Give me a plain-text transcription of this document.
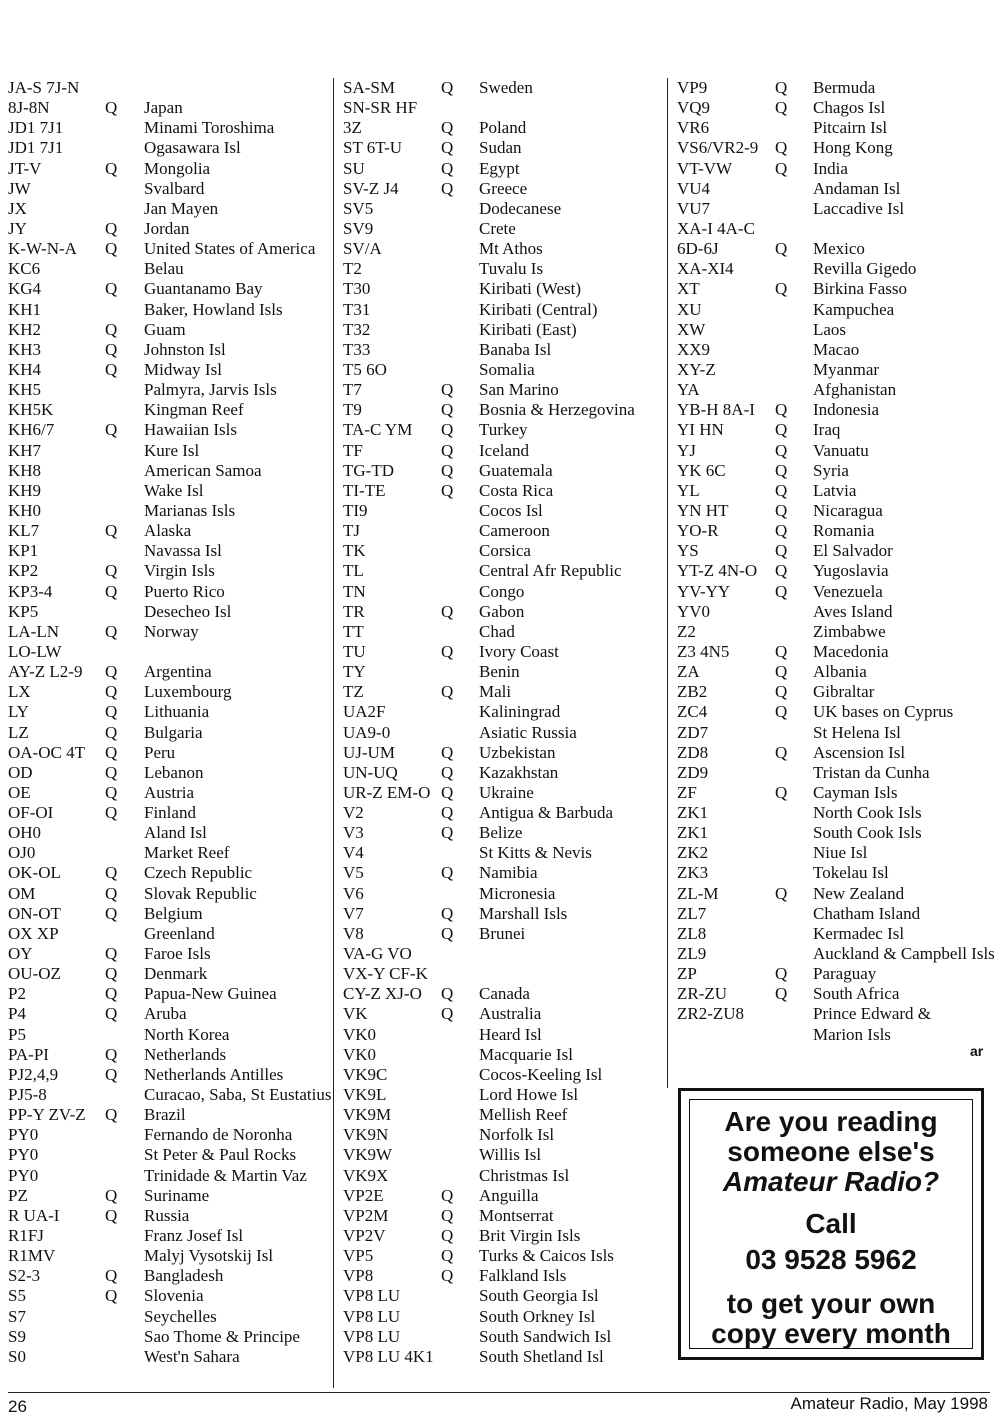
JA-S 7J-N
8J-8N	Q Japan
JD1 7J1	Minami Toroshima
JD1 7J1	Ogasawara Isl
JT-V	Q Mongolia
JW	Svalbard
JX	Jan Mayen
JY	Q Jordan
K-W-N-A Q United States of America
KC6	Belau
KG4	Q Guantanamo Bay
KH1	Baker, Howland Isls
KH2	Q Guam
KH3	Q Johnston Isl
KH4	Q Midway Isl
KH5	Palmyra, Jarvis Isls
KH5K	Kingman Reef
KH6/7	Q Hawaiian Isls
KH7	Kure Isl
KH8	American Samoa
KH9	Wake Isl
KH0	Marianas Isls
KL7	Q Alaska
KP1	Navassa Isl
KP2	Q Virgin Isls
KP3-4	Q Puerto Rico
KP5	Desecheo Isl
LA-LN	Q Norway
LO-LW
AY-Z L2-9 Q Argentina
LX	Q Luxembourg
LY	Q Lithuania
LZ	Q Bulgaria
OA-OC 4T Q Peru
OD	Q Lebanon
OE	Q Austria
OF-OI	Q Finland
OH0	Aland Isl
OJ0	Market Reef
OK-OL	Q Czech Republic
OM	Q Slovak Republic
ON-OT	Q Belgium
OX XP	Greenland
OY	Q Faroe Isls
OU-OZ	Q Denmark
P2	Q Papua-New Guinea
P4	Q Aruba
P5	North Korea
PA-PI	Q Netherlands
PJ2,4,9	Q Netherlands Antilles
PJ5-8	Curacao, Saba, St Eustatius
PP-Y ZV-Z Q Brazil
PY0	Fernando de Noronha
PY0	St Peter & Paul Rocks
PY0	Trinidade & Martin Vaz
PZ	Q Suriname
R UA-I	Q Russia
R1FJ	Franz Josef Isl
R1MV	Malyj Vysotskij Isl
S2-3	Q Bangladesh
S5	Q Slovenia
S7	Seychelles
S9	Sao Thome & Principe
S0	West'n Sahara
SA-SM	Q Sweden
SN-SR HF
3Z	Q Poland
ST 6T-U Q Sudan
SU	Q Egypt
SV-Z J4 Q Greece
SV5	Dodecanese
SV9	Crete
SV/A	Mt Athos
T2	Tuvalu Is
T30	Kiribati (West)
T31	Kiribati (Central)
T32	Kiribati (East)
T33	Banaba Isl
T5 6O	Somalia
T7	Q San Marino
T9	Q Bosnia & Herzegovina
TA-C YM Q Turkey
TF	Q Iceland
TG-TD	Q Guatemala
TI-TE	Q Costa Rica
TI9	Cocos Isl
TJ	Cameroon
TK	Corsica
TL	Central Afr Republic
TN	Congo
TR	Q Gabon
TT	Chad
TU	Q Ivory Coast
TY	Benin
TZ	Q Mali
UA2F	Kaliningrad
UA9-0	Asiatic Russia
UJ-UM	Q Uzbekistan
UN-UQ	Q Kazakhstan
UR-Z EM-O Q Ukraine
V2	Q Antigua & Barbuda
V3	Q Belize
V4	St Kitts & Nevis
V5	Q Namibia
V6	Micronesia
V7	Q Marshall Isls
V8	Q Brunei
VA-G VO
VX-Y CF-K
CY-Z XJ-O Q Canada
VK	Q Australia
VK0	Heard Isl
VK0	Macquarie Isl
VK9C	Cocos-Keeling Isl
VK9L	Lord Howe Isl
VK9M	Mellish Reef
VK9N	Norfolk Isl
VK9W	Willis Isl
VK9X	Christmas Isl
VP2E	Q Anguilla
VP2M	Q Montserrat
VP2V	Q Brit Virgin Isls
VP5	Q Turks & Caicos Isls
VP8	Q Falkland Isls
VP8 LU	South Georgia Isl
VP8 LU	South Orkney Isl
VP8 LU	South Sandwich Isl
VP8 LU 4K1	South Shetland Isl
VP9	Q Bermuda
VQ9	Q Chagos Isl
VR6	Pitcairn Isl
VS6/VR2-9 Q Hong Kong
VT-VW	Q India
VU4	Andaman Isl
VU7	Laccadive Isl
XA-I 4A-C
6D-6J	Q Mexico
XA-XI4	Revilla Gigedo
XT	Q Birkina Fasso
XU	Kampuchea
XW	Laos
XX9	Macao
XY-Z	Myanmar
YA	Afghanistan
YB-H 8A-I Q Indonesia
YI HN	Q Iraq
YJ	Q Vanuatu
YK 6C	Q Syria
YL	Q Latvia
YN HT	Q Nicaragua
YO-R	Q Romania
YS	Q El Salvador
YT-Z 4N-O Q Yugoslavia
YV-YY	Q Venezuela
YV0	Aves Island
Z2	Zimbabwe
Z3 4N5	Q Macedonia
ZA	Q Albania
ZB2	Q Gibraltar
ZC4	Q UK bases on Cyprus
ZD7	St Helena Isl
ZD8	Q Ascension Isl
ZD9	Tristan da Cunha
ZF	Q Cayman Isls
ZK1	North Cook Isls
ZK1	South Cook Isls
ZK2	Niue Isl
ZK3	Tokelau Isl
ZL-M	Q New Zealand
ZL7	Chatham Island
ZL8	Kermadec Isl
ZL9	Auckland & Campbell Isls
ZP	Q Paraguay
ZR-ZU	Q South Africa
ZR2-ZU8	Prince Edward &
Marion Isls
ar
Are you reading
someone else's
Amateur Radio?
Call
03 9528 5962
to get your own
copy every month
26	Amateur Radio, May 1998
